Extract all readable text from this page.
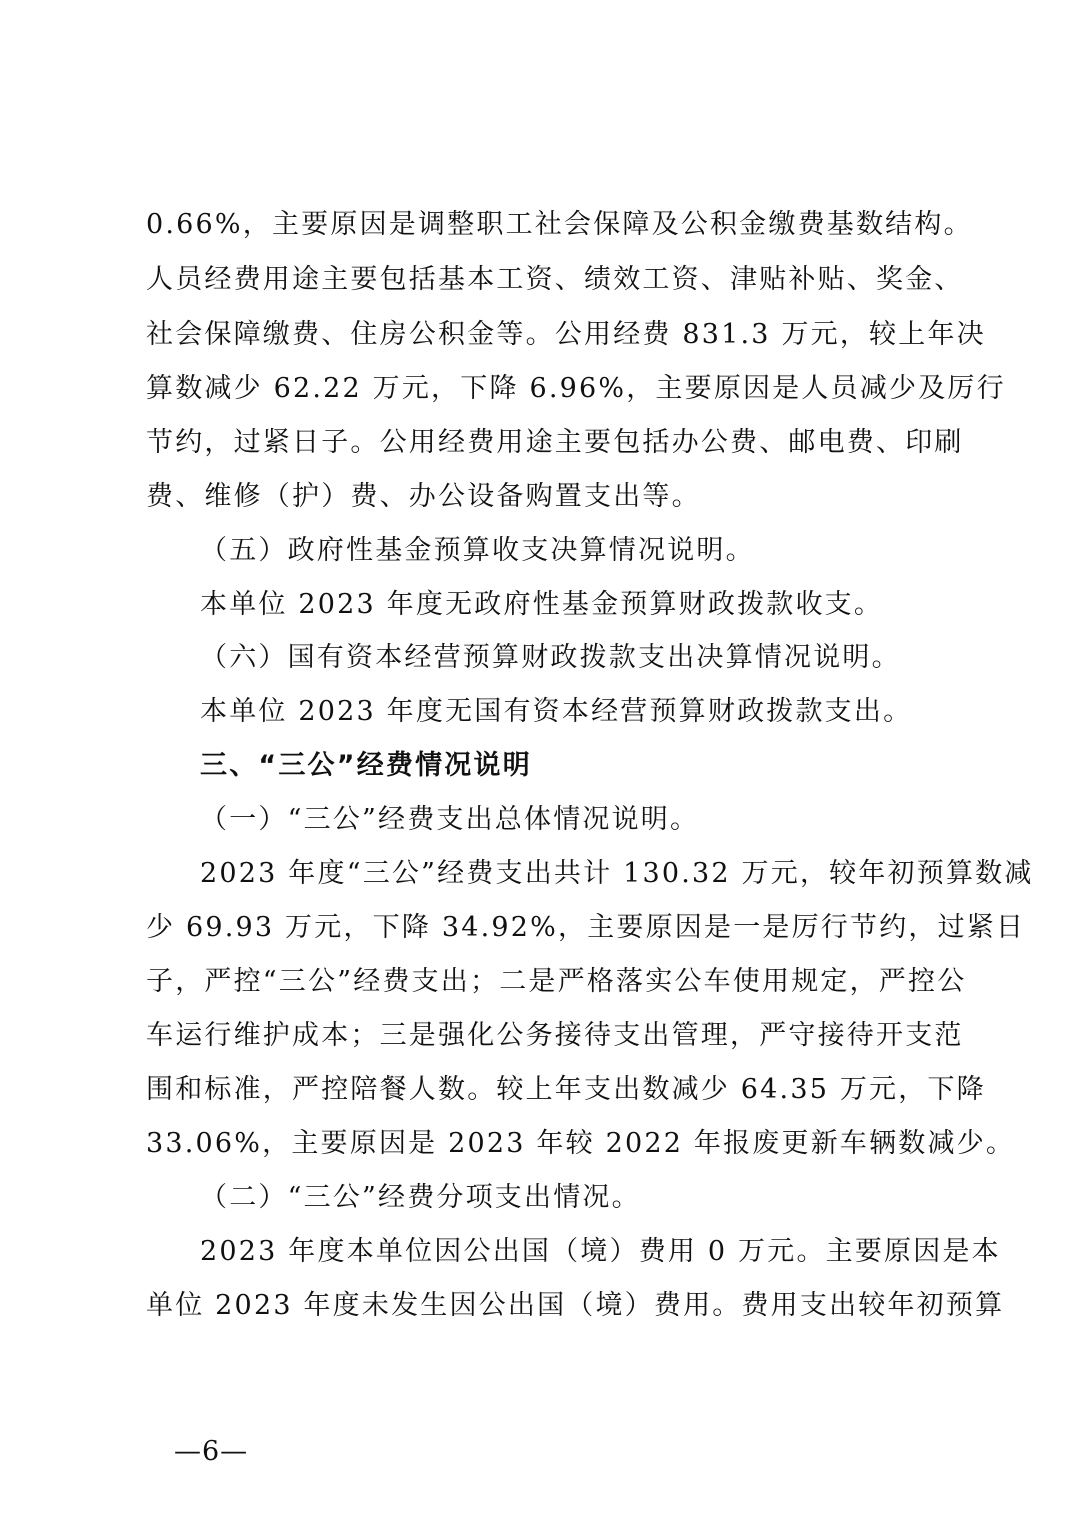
0.66%，主要原因是调整职工社会保障及公积金缴费基数结构。
人员经费用途主要包括基本工资、绩效工资、津贴补贴、奖金、
社会保障缴费、住房公积金等。公用经费 831.3 万元，较上年决
算数减少 62.22 万元，下降 6.96%，主要原因是人员减少及厉行
节约，过紧日子。公用经费用途主要包括办公费、邮电费、印刷
费、维修（护）费、办公设备购置支出等。
（五）政府性基金预算收支决算情况说明。
本单位 2023 年度无政府性基金预算财政拨款收支。
（六）国有资本经营预算财政拨款支出决算情况说明。
本单位 2023 年度无国有资本经营预算财政拨款支出。
三、“三公”经费情况说明
（一）“三公”经费支出总体情况说明。
2023 年度“三公”经费支出共计 130.32 万元，较年初预算数减
少 69.93 万元，下降 34.92%，主要原因是一是厉行节约，过紧日
子，严控“三公”经费支出；二是严格落实公车使用规定，严控公
车运行维护成本；三是强化公务接待支出管理，严守接待开支范
围和标准，严控陪餐人数。较上年支出数减少 64.35 万元，下降
33.06%，主要原因是 2023 年较 2022 年报废更新车辆数减少。
（二）“三公”经费分项支出情况。
2023 年度本单位因公出国（境）费用 0 万元。主要原因是本
单位 2023 年度未发生因公出国（境）费用。费用支出较年初预算
—6—
